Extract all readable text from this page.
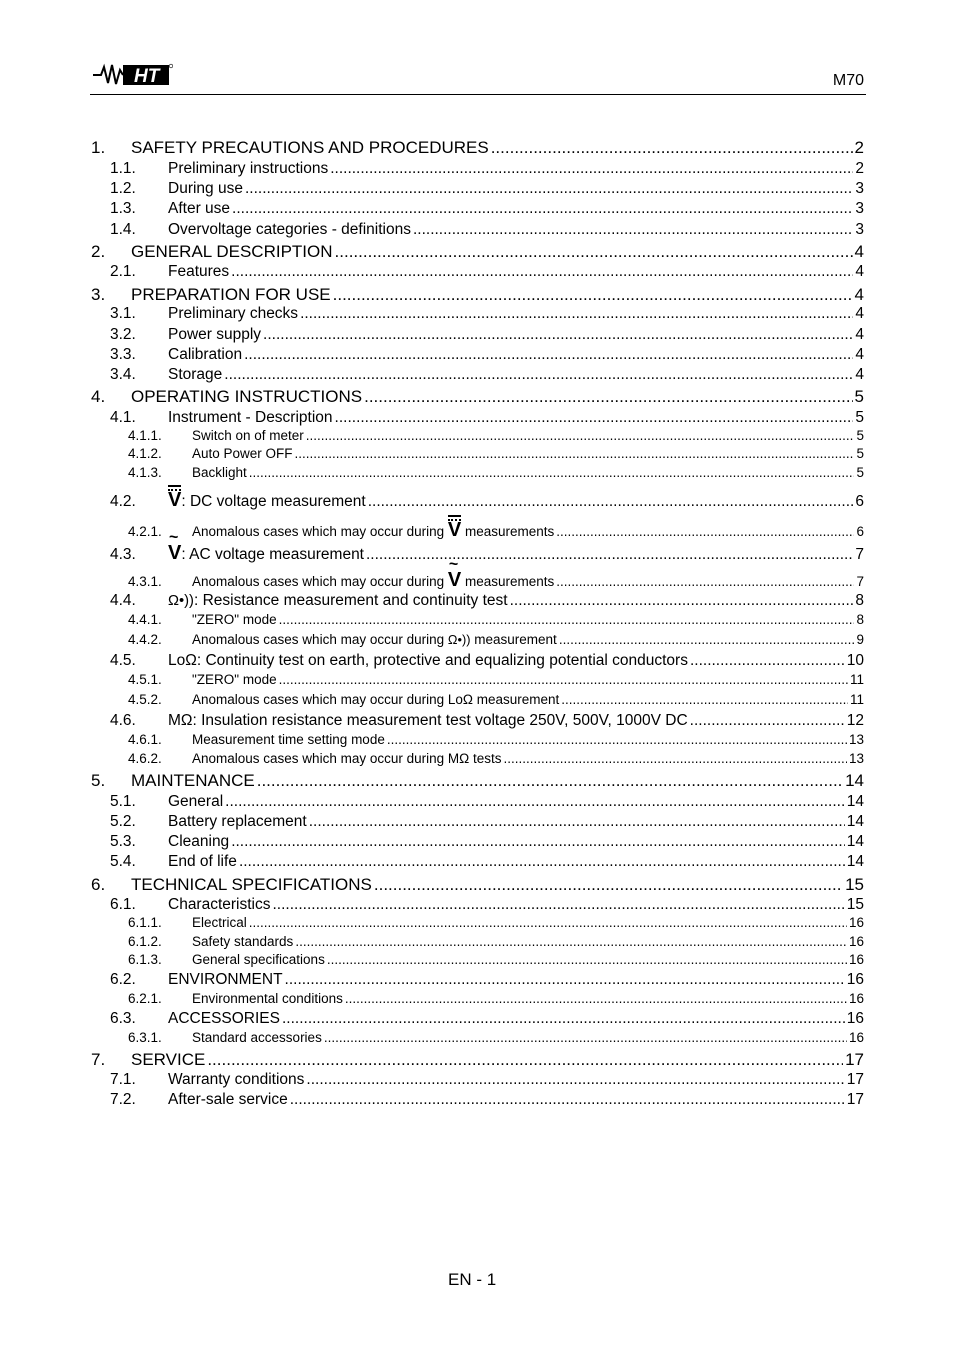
HT	M70
1.	SAFETY PRECAUTIONS AND PROCEDURES .....	2
1.1.	Preliminary instructions .....	2
1.2.	During use .....	3
1.3.	After use .....	3
1.4.	Overvoltage categories - definitions .....	3
2.	GENERAL DESCRIPTION .....	4
2.1.	Features .....	4
3.	PREPARATION FOR USE .....	4
3.1.	Preliminary checks .....	4
3.2.	Power supply .....	4
3.3.	Calibration .....	4
3.4.	Storage .....	4
4.	OPERATING INSTRUCTIONS .....	5
4.1.	Instrument - Description .....	5
4.1.1.	Switch on of meter .....	5
4.1.2.	Auto Power OFF .....	5
4.1.3.	Backlight .....	5
4.2.	V: DC voltage measurement .....	6
4.2.1.	Anomalous cases which may occur during V measurements .....	6
4.3.	~ V: AC voltage measurement .....	7
4.3.1.	Anomalous cases which may occur during ~ V measurements .....	7
4.4.	Ω•)): Resistance measurement and continuity test .....	8
4.4.1.	"ZERO" mode .....	8
4.4.2.	Anomalous cases which may occur during Ω•)) measurement .....	9
4.5.	LoΩ: Continuity test on earth, protective and equalizing potential conductors .....	10
4.5.1.	"ZERO" mode .....	11
4.5.2.	Anomalous cases which may occur during LoΩ measurement .....	11
4.6.	MΩ: Insulation resistance measurement test voltage 250V, 500V, 1000V DC .....	12
4.6.1.	Measurement time setting mode .....	13
4.6.2.	Anomalous cases which may occur during MΩ tests .....	13
5.	MAINTENANCE .....	14
5.1.	General .....	14
5.2.	Battery replacement .....	14
5.3.	Cleaning .....	14
5.4.	End of life .....	14
6.	TECHNICAL SPECIFICATIONS .....	15
6.1.	Characteristics .....	15
6.1.1.	Electrical .....	16
6.1.2.	Safety standards .....	16
6.1.3.	General specifications .....	16
6.2.	ENVIRONMENT .....	16
6.2.1.	Environmental conditions .....	16
6.3.	ACCESSORIES .....	16
6.3.1.	Standard accessories .....	16
7.	SERVICE .....	17
7.1.	Warranty conditions .....	17
7.2.	After-sale service .....	17
EN - 1
